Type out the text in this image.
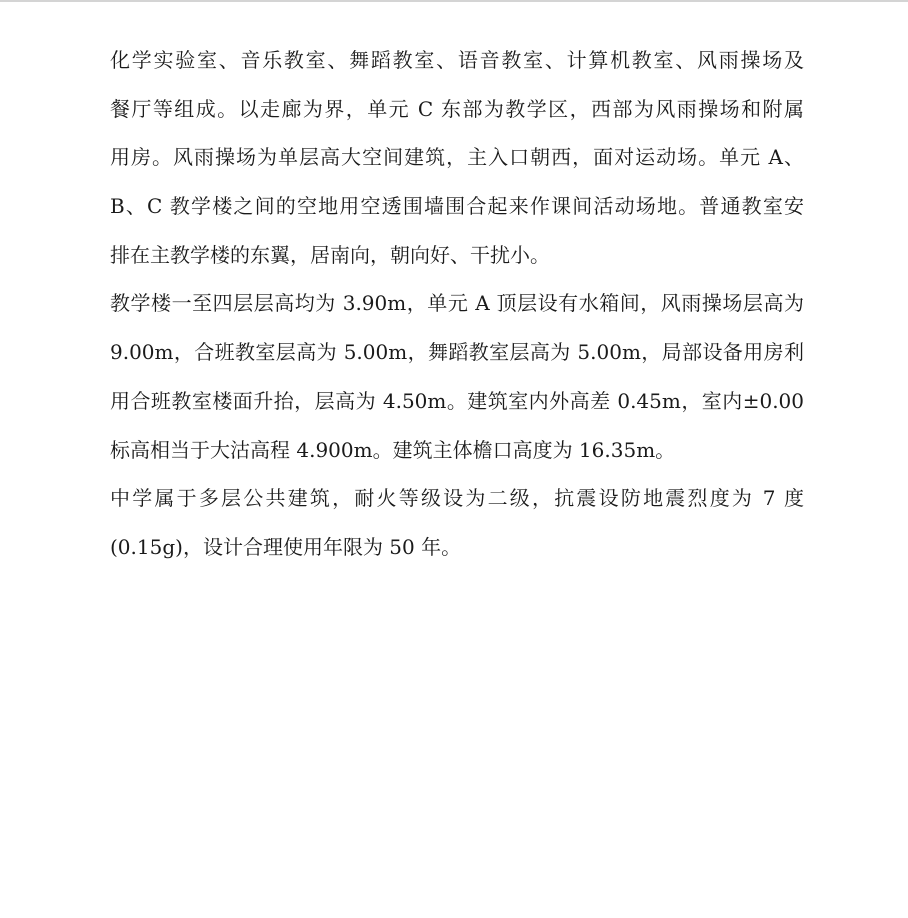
化学实验室、音乐教室、舞蹈教室、语音教室、计算机教室、风雨操场及
餐厅等组成。以走廊为界，单元 C 东部为教学区，西部为风雨操场和附属
用房。风雨操场为单层高大空间建筑，主入口朝西，面对运动场。单元 A、
B、C 教学楼之间的空地用空透围墙围合起来作课间活动场地。普通教室安
排在主教学楼的东翼，居南向，朝向好、干扰小。
教学楼一至四层层高均为 3.90m，单元 A 顶层设有水箱间，风雨操场层高为
9.00m，合班教室层高为 5.00m，舞蹈教室层高为 5.00m，局部设备用房利
用合班教室楼面升抬，层高为 4.50m。建筑室内外高差 0.45m，室内±0.00
标高相当于大沽高程 4.900m。建筑主体檐口高度为 16.35m。
中学属于多层公共建筑，耐火等级设为二级，抗震设防地震烈度为 7 度
(0.15g)，设计合理使用年限为 50 年。
